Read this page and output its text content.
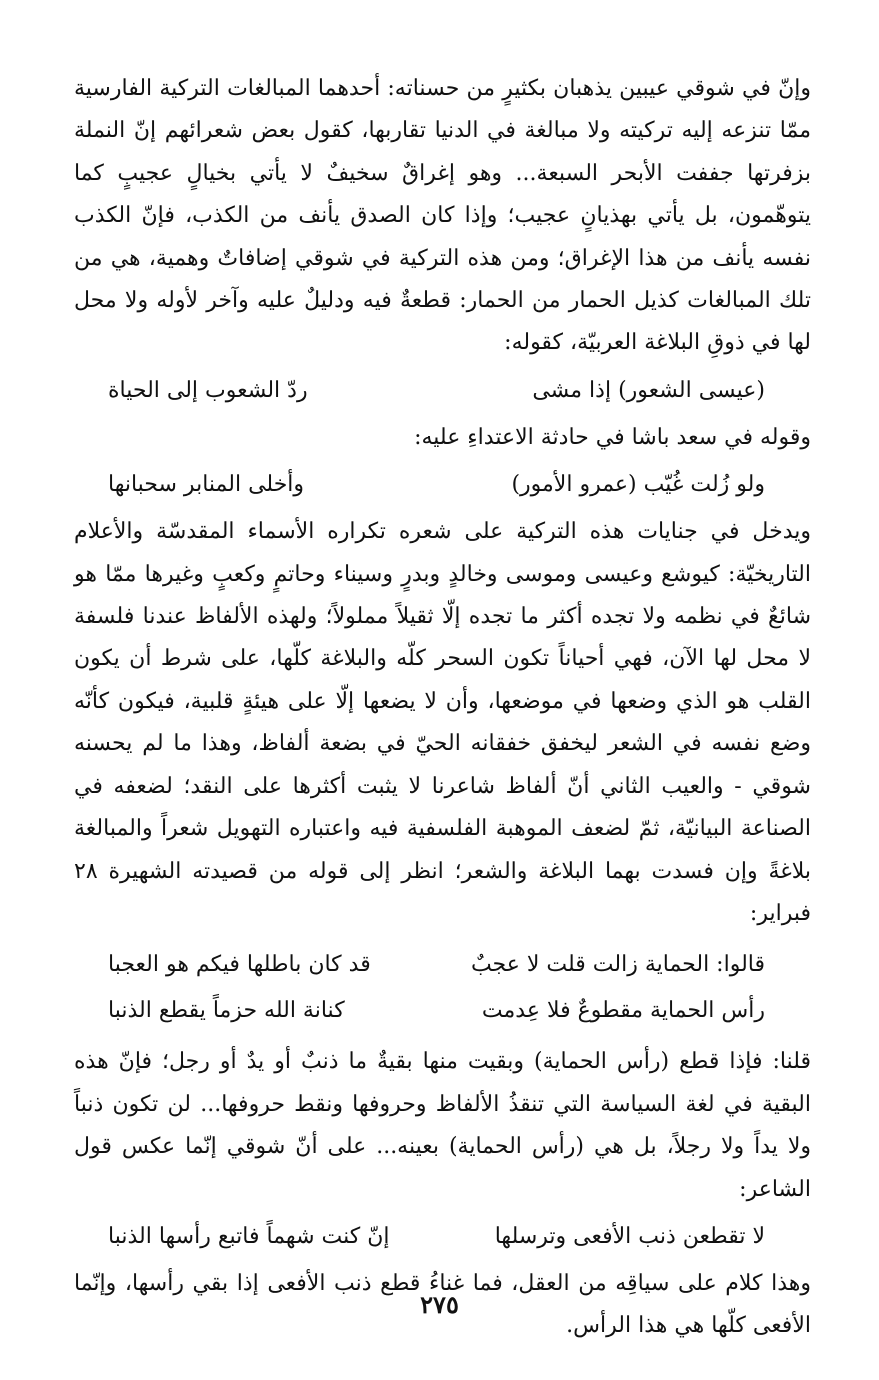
وإنّ في شوقي عيبين يذهبان بكثيرٍ من حسناته: أحدهما المبالغات التركية الفارسية ممّا تنزعه إليه تركيته ولا مبالغة في الدنيا تقاربها، كقول بعض شعرائهم إنّ النملة بزفرتها جففت الأبحر السبعة... وهو إغراقٌ سخيفٌ لا يأتي بخيالٍ عجيبٍ كما يتوهّمون، بل يأتي بهذيانٍ عجيب؛ وإذا كان الصدق يأنف من الكذب، فإنّ الكذب نفسه يأنف من هذا الإغراق؛ ومن هذه التركية في شوقي إضافاتٌ وهمية، هي من تلك المبالغات كذيل الحمار من الحمار: قطعةٌ فيه ودليلٌ عليه وآخر لأوله ولا محل لها في ذوقِ البلاغة العربيّة، كقوله:

(عيسى الشعور) إذا مشى
ردّ الشعوب إلى الحياة

وقوله في سعد باشا في حادثة الاعتداءِ عليه:

ولو زُلت غُيّب (عمرو الأمور)
وأخلى المنابر سحبانها

ويدخل في جنايات هذه التركية على شعره تكراره الأسماء المقدسّة والأعلام التاريخيّة: كيوشع وعيسى وموسى وخالدٍ وبدرٍ وسيناء وحاتمٍ وكعبٍ وغيرها ممّا هو شائعٌ في نظمه ولا تجده أكثر ما تجده إلّا ثقيلاً مملولاً؛ ولهذه الألفاظ عندنا فلسفة لا محل لها الآن، فهي أحياناً تكون السحر كلّه والبلاغة كلّها، على شرط أن يكون القلب هو الذي وضعها في موضعها، وأن لا يضعها إلّا على هيئةٍ قلبية، فيكون كأنّه وضع نفسه في الشعر ليخفق خفقانه الحيّ في بضعة ألفاظ، وهذا ما لم يحسنه شوقي - والعيب الثاني أنّ ألفاظ شاعرنا لا يثبت أكثرها على النقد؛ لضعفه في الصناعة البيانيّة، ثمّ لضعف الموهبة الفلسفية فيه واعتباره التهويل شعراً والمبالغة بلاغةً وإن فسدت بهما البلاغة والشعر؛ انظر إلى قوله من قصيدته الشهيرة ٢٨ فبراير:

قالوا: الحماية زالت قلت لا عجبٌ
قد كان باطلها فيكم هو العجبا
رأس الحماية مقطوعٌ فلا عِدمت
كنانة الله حزماً يقطع الذنبا

قلنا: فإذا قطع (رأس الحماية) وبقيت منها بقيةٌ ما ذنبٌ أو يدٌ أو رجل؛ فإنّ هذه البقية في لغة السياسة التي تنقذُ الألفاظ وحروفها ونقط حروفها... لن تكون ذنباً ولا يداً ولا رجلاً، بل هي (رأس الحماية) بعينه... على أنّ شوقي إنّما عكس قول الشاعر:

لا تقطعن ذنب الأفعى وترسلها
إنّ كنت شهماً فاتبع رأسها الذنبا

وهذا كلام على سياقِه من العقل، فما غناءُ قطع ذنب الأفعى إذا بقي رأسها، وإنّما الأفعى كلّها هي هذا الرأس.

٢٧٥
